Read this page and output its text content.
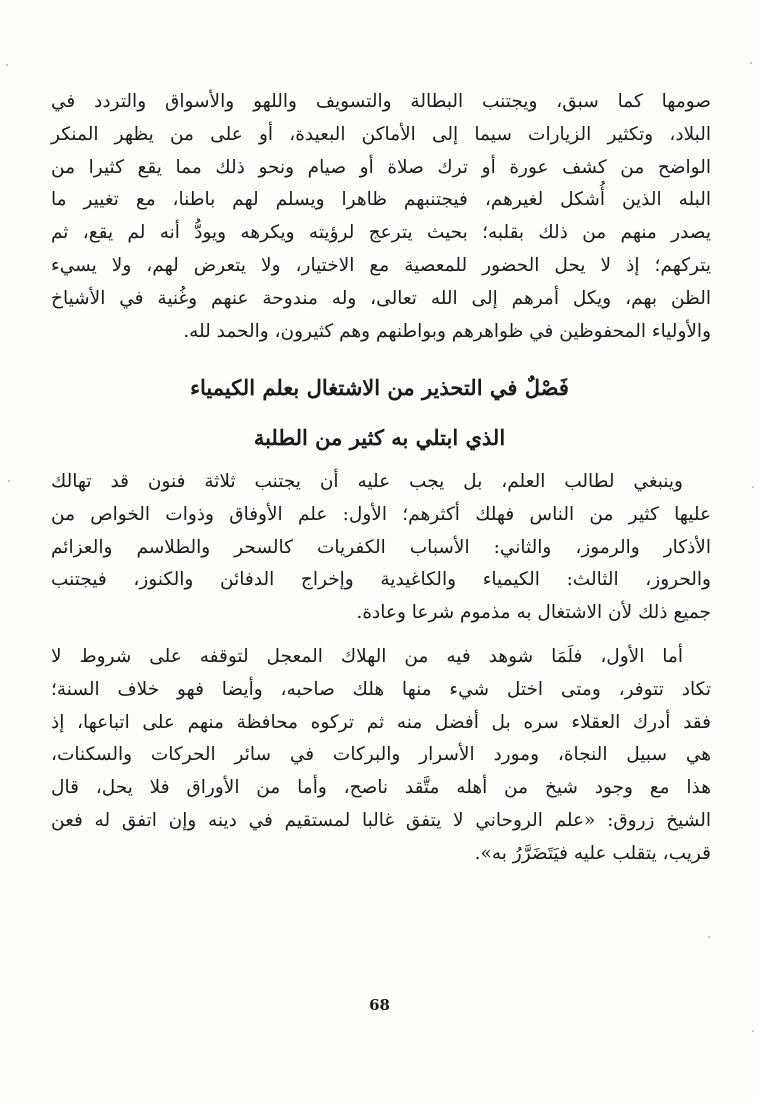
صومها كما سبق، ويجتنب البطالة والتسويف واللهو والأسواق والتردد في
البلاد، وتكثير الزيارات سيما إلى الأماكن البعيدة، أو على من يظهر المنكر
الواضح من كشف عورة أو ترك صلاة أو صيام ونحو ذلك مما يقع كثيرا من
البله الذين أُشكل لغيرهم، فيجتنبهم ظاهرا ويسلم لهم باطنا، مع تغيير ما
يصدر منهم من ذلك بقلبه؛ بحيث يترعج لرؤيته ويكرهه ويودُّ أنه لم يقع، ثم
يتركهم؛ إذ لا يحل الحضور للمعصية مع الاختيار، ولا يتعرض لهم، ولا يسيء
الظن بهم، ويكل أمرهم إلى الله تعالى، وله مندوحة عنهم وغُنية في الأشياخ
والأولياء المحفوظين في ظواهرهم وبواطنهم وهم كثيرون، والحمد لله.
فَصْلٌ في التحذير من الاشتغال بعلم الكيمياء
الذي ابتلي به كثير من الطلبة
وينبغي لطالب العلم، بل يجب عليه أن يجتنب ثلاثة فنون قد تهالك
عليها كثير من الناس فهلك أكثرهم؛ الأول: علم الأوفاق وذوات الخواص من
الأذكار والرموز، والثاني: الأسباب الكفريات كالسحر والطلاسم والعزائم
والحروز، الثالث: الكيمياء والكاغيدية وإخراج الدفائن والكنوز، فيجتنب
جميع ذلك لأن الاشتغال به مذموم شرعا وعادة.
أما الأول، فلَمَا شوهد فيه من الهلاك المعجل لتوقفه على شروط لا
تكاد تتوفر، ومتى اختل شيء منها هلك صاحبه، وأيضا فهو خلاف السنة؛
فقد أدرك العقلاء سره بل أفضل منه ثم تركوه محافظة منهم على اتباعها، إذ
هي سبيل النجاة، ومورد الأسرار والبركات في سائر الحركات والسكنات،
هذا مع وجود شيخ من أهله متَّقد ناصح، وأما من الأوراق فلا يحل، قال
الشيخ زروق: «علم الروحاني لا يتفق غالبا لمستقيم في دينه وإن اتفق له فعن
قريب، يتقلب عليه فيَتَضَرَّرُ به».
68
